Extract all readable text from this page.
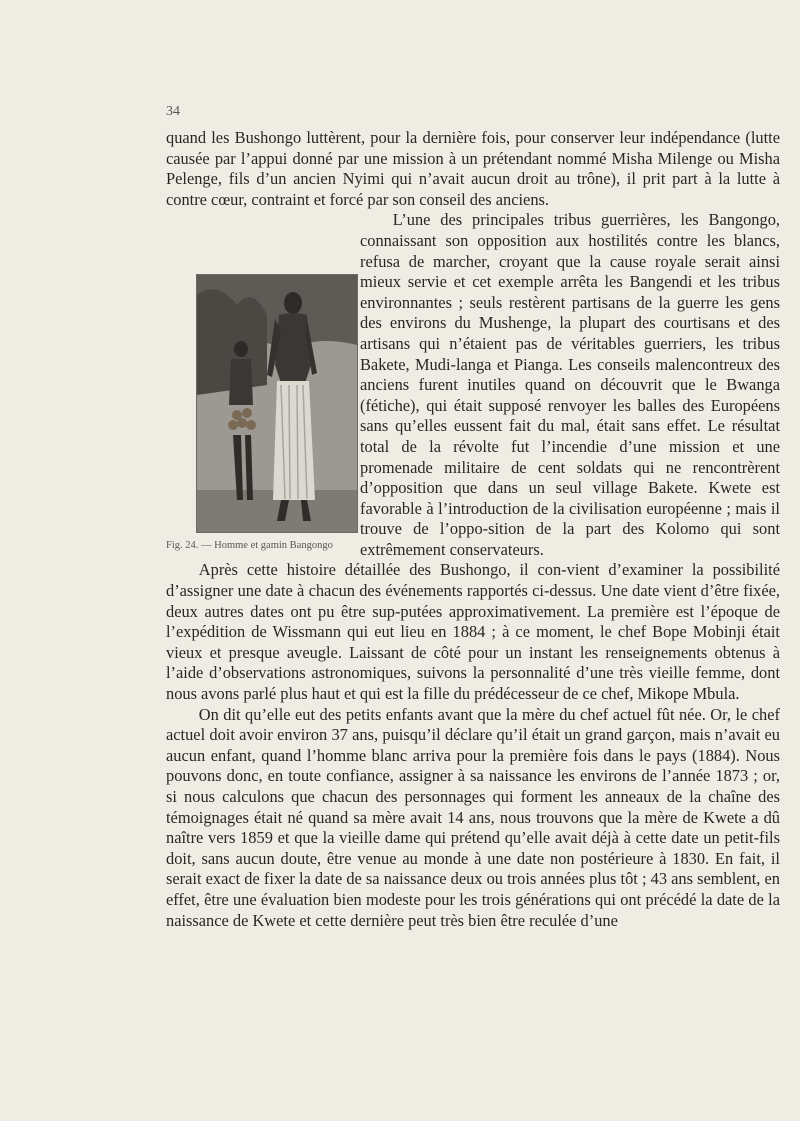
34

quand les Bushongo luttèrent, pour la dernière fois, pour conserver leur indépendance (lutte causée par l’appui donné par une mission à un prétendant nommé Misha Milenge ou Misha Pelenge, fils d’un ancien Nyimi qui n’avait aucun droit au trône), il prit part à la lutte à contre cœur, contraint et forcé par son conseil des anciens.

Fig. 24. — Homme et gamin Bangongo

L’une des principales tribus guerrières, les Bangongo, connaissant son opposition aux hostilités contre les blancs, refusa de marcher, croyant que la cause royale serait ainsi mieux servie et cet exemple arrêta les Bangendi et les tribus environnantes ; seuls restèrent partisans de la guerre les gens des environs du Mushenge, la plupart des courtisans et des artisans qui n’étaient pas de véritables guerriers, les tribus Bakete, Mudi-langa et Pianga. Les conseils malencontreux des anciens furent inutiles quand on découvrit que le Bwanga (fétiche), qui était supposé renvoyer les balles des Européens sans qu’elles eussent fait du mal, était sans effet. Le résultat total de la révolte fut l’incendie d’une mission et une promenade militaire de cent soldats qui ne rencontrèrent d’opposition que dans un seul village Bakete. Kwete est favorable à l’introduction de la civilisation européenne ; mais il trouve de l’oppo-sition de la part des Kolomo qui sont extrêmement conservateurs.

Après cette histoire détaillée des Bushongo, il con-vient d’examiner la possibilité d’assigner une date à chacun des événements rapportés ci-dessus. Une date vient d’être fixée, deux autres dates ont pu être sup-putées approximativement. La première est l’époque de l’expédition de Wissmann qui eut lieu en 1884 ; à ce moment, le chef Bope Mobinji était vieux et presque aveugle. Laissant de côté pour un instant les renseignements obtenus à l’aide d’observations astronomiques, suivons la personnalité d’une très vieille femme, dont nous avons parlé plus haut et qui est la fille du prédécesseur de ce chef, Mikope Mbula.

On dit qu’elle eut des petits enfants avant que la mère du chef actuel fût née. Or, le chef actuel doit avoir environ 37 ans, puisqu’il déclare qu’il était un grand garçon, mais n’avait eu aucun enfant, quand l’homme blanc arriva pour la première fois dans le pays (1884). Nous pouvons donc, en toute confiance, assigner à sa naissance les environs de l’année 1873 ; or, si nous calculons que chacun des personnages qui forment les anneaux de la chaîne des témoignages était né quand sa mère avait 14 ans, nous trouvons que la mère de Kwete a dû naître vers 1859 et que la vieille dame qui prétend qu’elle avait déjà à cette date un petit-fils doit, sans aucun doute, être venue au monde à une date non postérieure à 1830. En fait, il serait exact de fixer la date de sa naissance deux ou trois années plus tôt ; 43 ans semblent, en effet, être une évaluation bien modeste pour les trois générations qui ont précédé la date de la naissance de Kwete et cette dernière peut très bien être reculée d’une
